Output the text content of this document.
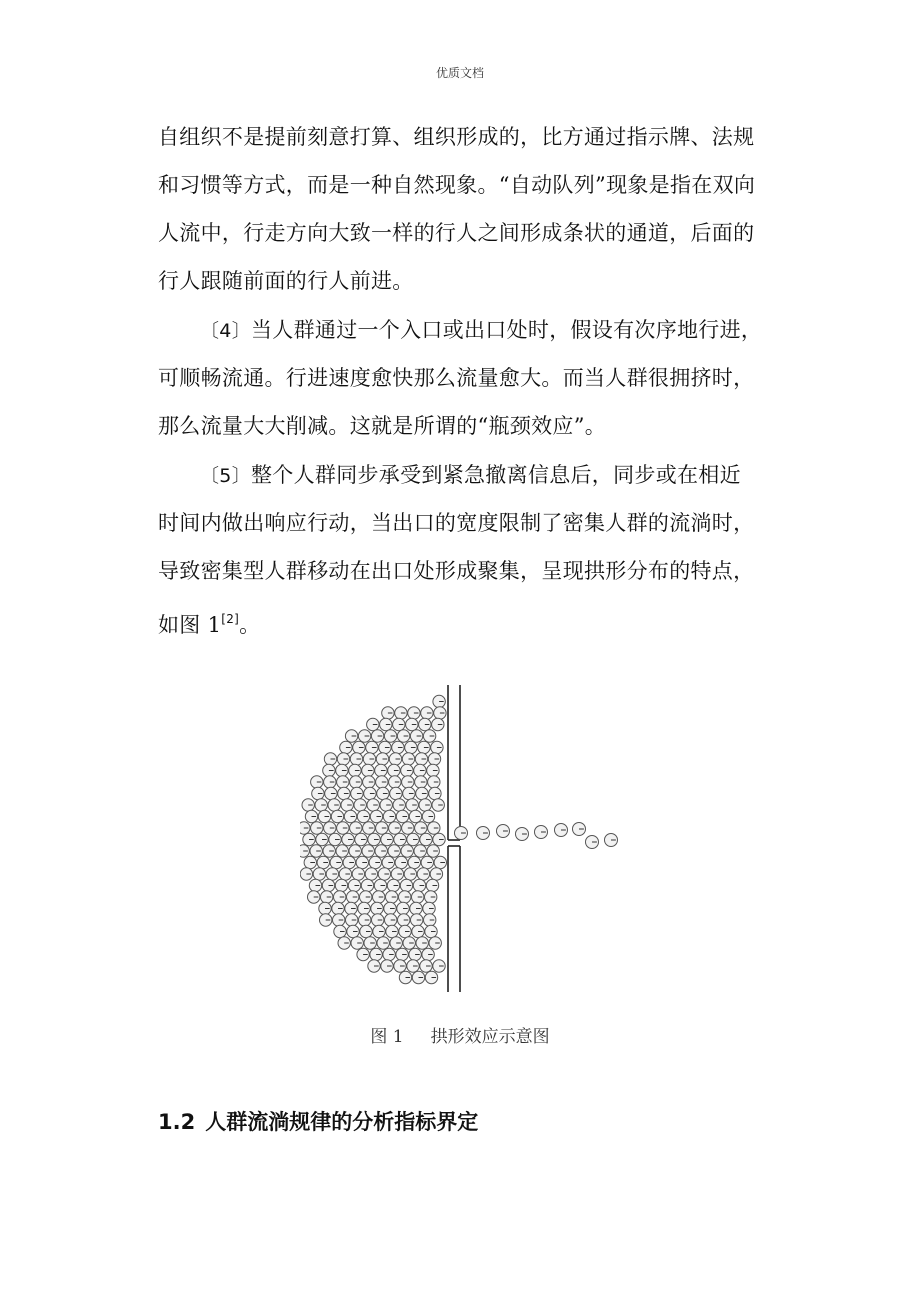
优质文档
自组织不是提前刻意打算、组织形成的，比方通过指示牌、法规
和习惯等方式，而是一种自然现象。“自动队列”现象是指在双向
人流中，行走方向大致一样的行人之间形成条状的通道，后面的
行人跟随前面的行人前进。
〔4〕当人群通过一个入口或出口处时，假设有次序地行进，
可顺畅流通。行进速度愈快那么流量愈大。而当人群很拥挤时，
那么流量大大削减。这就是所谓的“瓶颈效应”。
〔5〕整个人群同步承受到紧急撤离信息后，同步或在相近
时间内做出响应行动，当出口的宽度限制了密集人群的流淌时，
导致密集型人群移动在出口处形成聚集，呈现拱形分布的特点，
如图 1[2]。
图 1 拱形效应示意图
1.2 人群流淌规律的分析指标界定
